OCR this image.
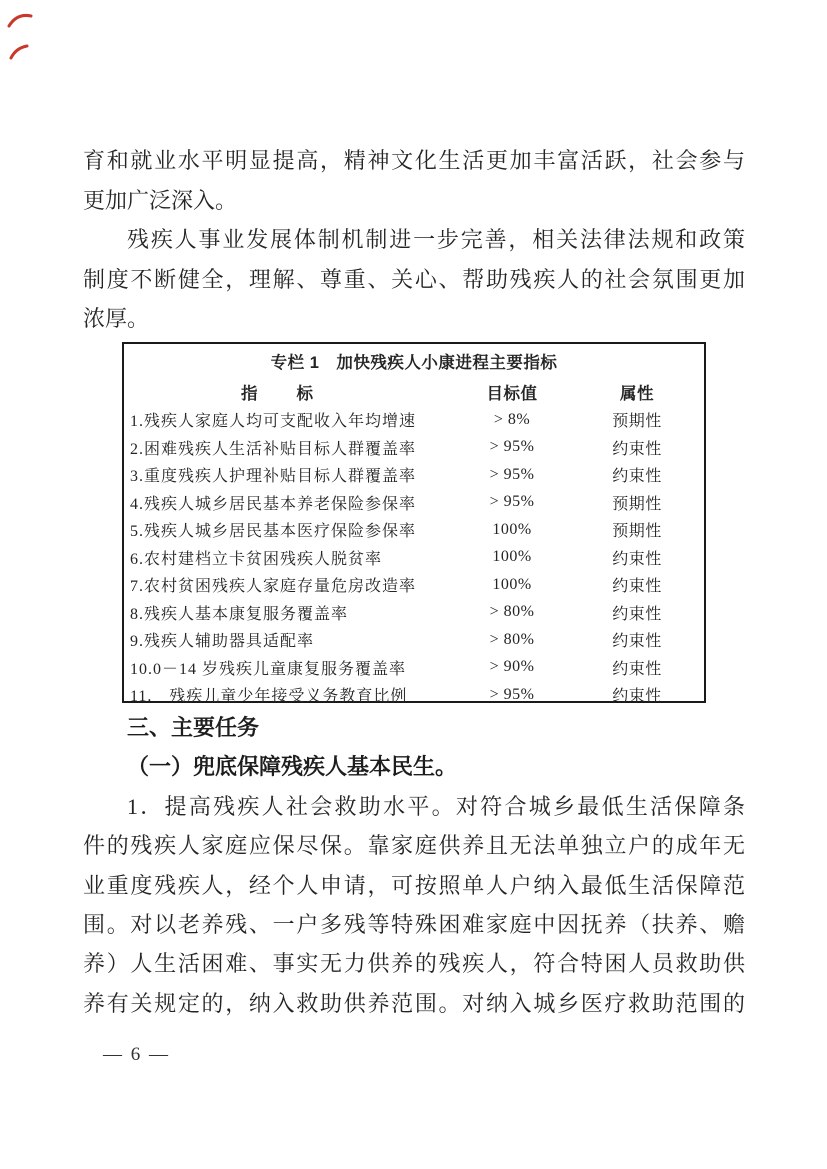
育和就业水平明显提高，精神文化生活更加丰富活跃，社会参与
更加广泛深入。
残疾人事业发展体制机制进一步完善，相关法律法规和政策
制度不断健全，理解、尊重、关心、帮助残疾人的社会氛围更加
浓厚。
专栏 1　加快残疾人小康进程主要指标
指　　标	目标值	属性
1.残疾人家庭人均可支配收入年均增速	> 8%	预期性
2.困难残疾人生活补贴目标人群覆盖率	> 95%	约束性
3.重度残疾人护理补贴目标人群覆盖率	> 95%	约束性
4.残疾人城乡居民基本养老保险参保率	> 95%	预期性
5.残疾人城乡居民基本医疗保险参保率	100%	预期性
6.农村建档立卡贫困残疾人脱贫率	100%	约束性
7.农村贫困残疾人家庭存量危房改造率	100%	约束性
8.残疾人基本康复服务覆盖率	> 80%	约束性
9.残疾人辅助器具适配率	> 80%	约束性
10.0－14 岁残疾儿童康复服务覆盖率	> 90%	约束性
11.　残疾儿童少年接受义务教育比例	> 95%	约束性
三、主要任务
（一）兜底保障残疾人基本民生。
1．提高残疾人社会救助水平。对符合城乡最低生活保障条
件的残疾人家庭应保尽保。靠家庭供养且无法单独立户的成年无
业重度残疾人，经个人申请，可按照单人户纳入最低生活保障范
围。对以老养残、一户多残等特殊困难家庭中因抚养（扶养、赡
养）人生活困难、事实无力供养的残疾人，符合特困人员救助供
养有关规定的，纳入救助供养范围。对纳入城乡医疗救助范围的
— 6 —
